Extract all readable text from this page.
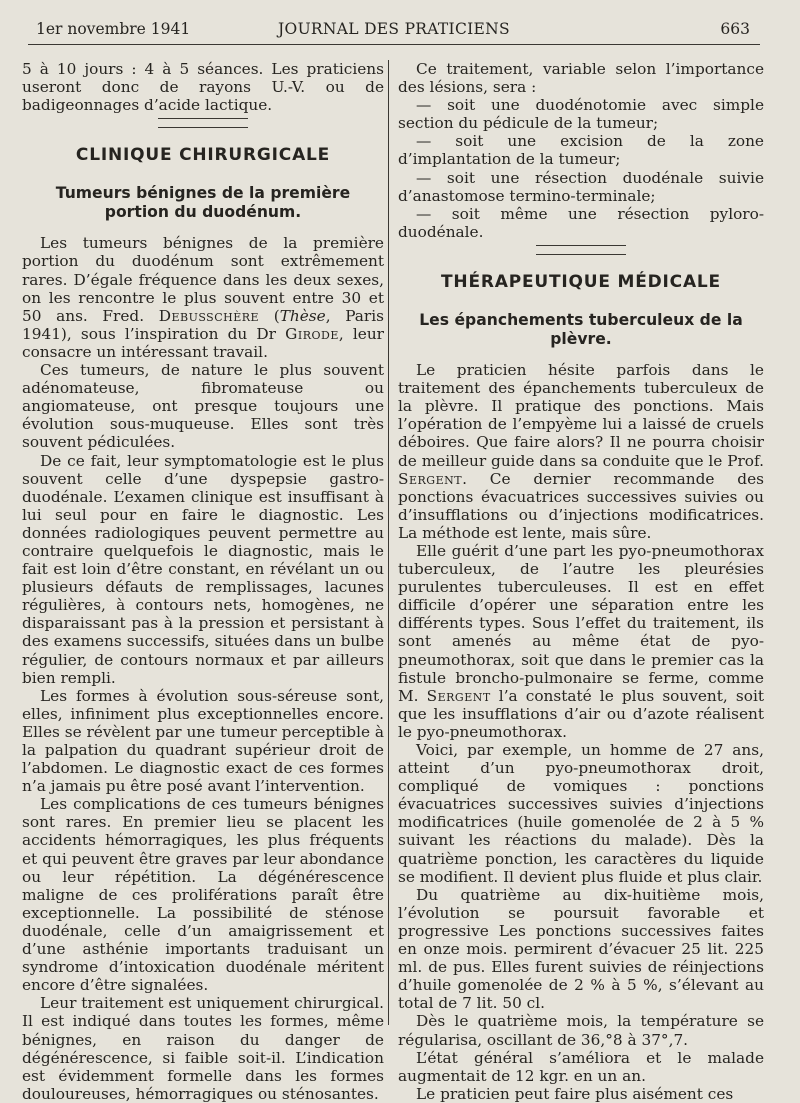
1er novembre 1941	JOURNAL DES PRATICIENS	663

5 à 10 jours : 4 à 5 séances. Les praticiens useront donc de rayons U.-V. ou de badigeonnages d’acide lactique.

CLINIQUE CHIRURGICALE
Tumeurs bénignes de la première portion du duodénum.

Les tumeurs bénignes de la première portion du duodénum sont extrêmement rares. D’égale fréquence dans les deux sexes, on les rencontre le plus souvent entre 30 et 50 ans. Fred. Debusschère (Thèse, Paris 1941), sous l’inspiration du Dr Girode, leur consacre un intéressant travail.

Ces tumeurs, de nature le plus souvent adénomateuse, fibromateuse ou angiomateuse, ont presque toujours une évolution sous-muqueuse. Elles sont très souvent pédiculées.

De ce fait, leur symptomatologie est le plus souvent celle d’une dyspepsie gastro-duodénale. L’examen clinique est insuffisant à lui seul pour en faire le diagnostic. Les données radiologiques peuvent permettre au contraire quelquefois le diagnostic, mais le fait est loin d’être constant, en révélant un ou plusieurs défauts de remplissages, lacunes régulières, à contours nets, homogènes, ne disparaissant pas à la pression et persistant à des examens successifs, situées dans un bulbe régulier, de contours normaux et par ailleurs bien rempli.

Les formes à évolution sous-séreuse sont, elles, infiniment plus exceptionnelles encore. Elles se révèlent par une tumeur perceptible à la palpation du quadrant supérieur droit de l’abdomen. Le diagnostic exact de ces formes n’a jamais pu être posé avant l’intervention.

Les complications de ces tumeurs bénignes sont rares. En premier lieu se placent les accidents hémorragiques, les plus fréquents et qui peuvent être graves par leur abondance ou leur répétition. La dégénérescence maligne de ces proliférations paraît être exceptionnelle. La possibilité de sténose duodénale, celle d’un amaigrissement et d’une asthénie importants traduisant un syndrome d’intoxication duodénale méritent encore d’être signalées.

Leur traitement est uniquement chirurgical. Il est indiqué dans toutes les formes, même bénignes, en raison du danger de dégénérescence, si faible soit-il. L’indication est évidemment formelle dans les formes douloureuses, hémorragiques ou sténosantes.

Ce traitement, variable selon l’importance des lésions, sera :

— soit une duodénotomie avec simple section du pédicule de la tumeur;

— soit une excision de la zone d’implantation de la tumeur;

— soit une résection duodénale suivie d’anastomose termino-terminale;

— soit même une résection pyloro-duodénale.

THÉRAPEUTIQUE MÉDICALE
Les épanchements tuberculeux de la plèvre.

Le praticien hésite parfois dans le traitement des épanchements tuberculeux de la plèvre. Il pratique des ponctions. Mais l’opération de l’empyème lui a laissé de cruels déboires. Que faire alors? Il ne pourra choisir de meilleur guide dans sa conduite que le Prof. Sergent. Ce dernier recommande des ponctions évacuatrices successives suivies ou d’insufflations ou d’injections modificatrices. La méthode est lente, mais sûre.

Elle guérit d’une part les pyo-pneumothorax tuberculeux, de l’autre les pleurésies purulentes tuberculeuses. Il est en effet difficile d’opérer une séparation entre les différents types. Sous l’effet du traitement, ils sont amenés au même état de pyo-pneumothorax, soit que dans le premier cas la fistule broncho-pulmonaire se ferme, comme M. Sergent l’a constaté le plus souvent, soit que les insufflations d’air ou d’azote réalisent le pyo-pneumothorax.

Voici, par exemple, un homme de 27 ans, atteint d’un pyo-pneumothorax droit, compliqué de vomiques : ponctions évacuatrices successives suivies d’injections modificatrices (huile gomenolée de 2 à 5 % suivant les réactions du malade). Dès la quatrième ponction, les caractères du liquide se modifient. Il devient plus fluide et plus clair.

Du quatrième au dix-huitième mois, l’évolution se poursuit favorable et progressive Les ponctions successives faites en onze mois. permirent d’évacuer 25 lit. 225 ml. de pus. Elles furent suivies de réinjections d’huile gomenolée de 2 % à 5 %, s’élevant au total de 7 lit. 50 cl.

Dès le quatrième mois, la température se régularisa, oscillant de 36,°8 à 37°,7.

L’état général s’améliora et le malade augmentait de 12 kgr. en un an.

Le praticien peut faire plus aisément ces
